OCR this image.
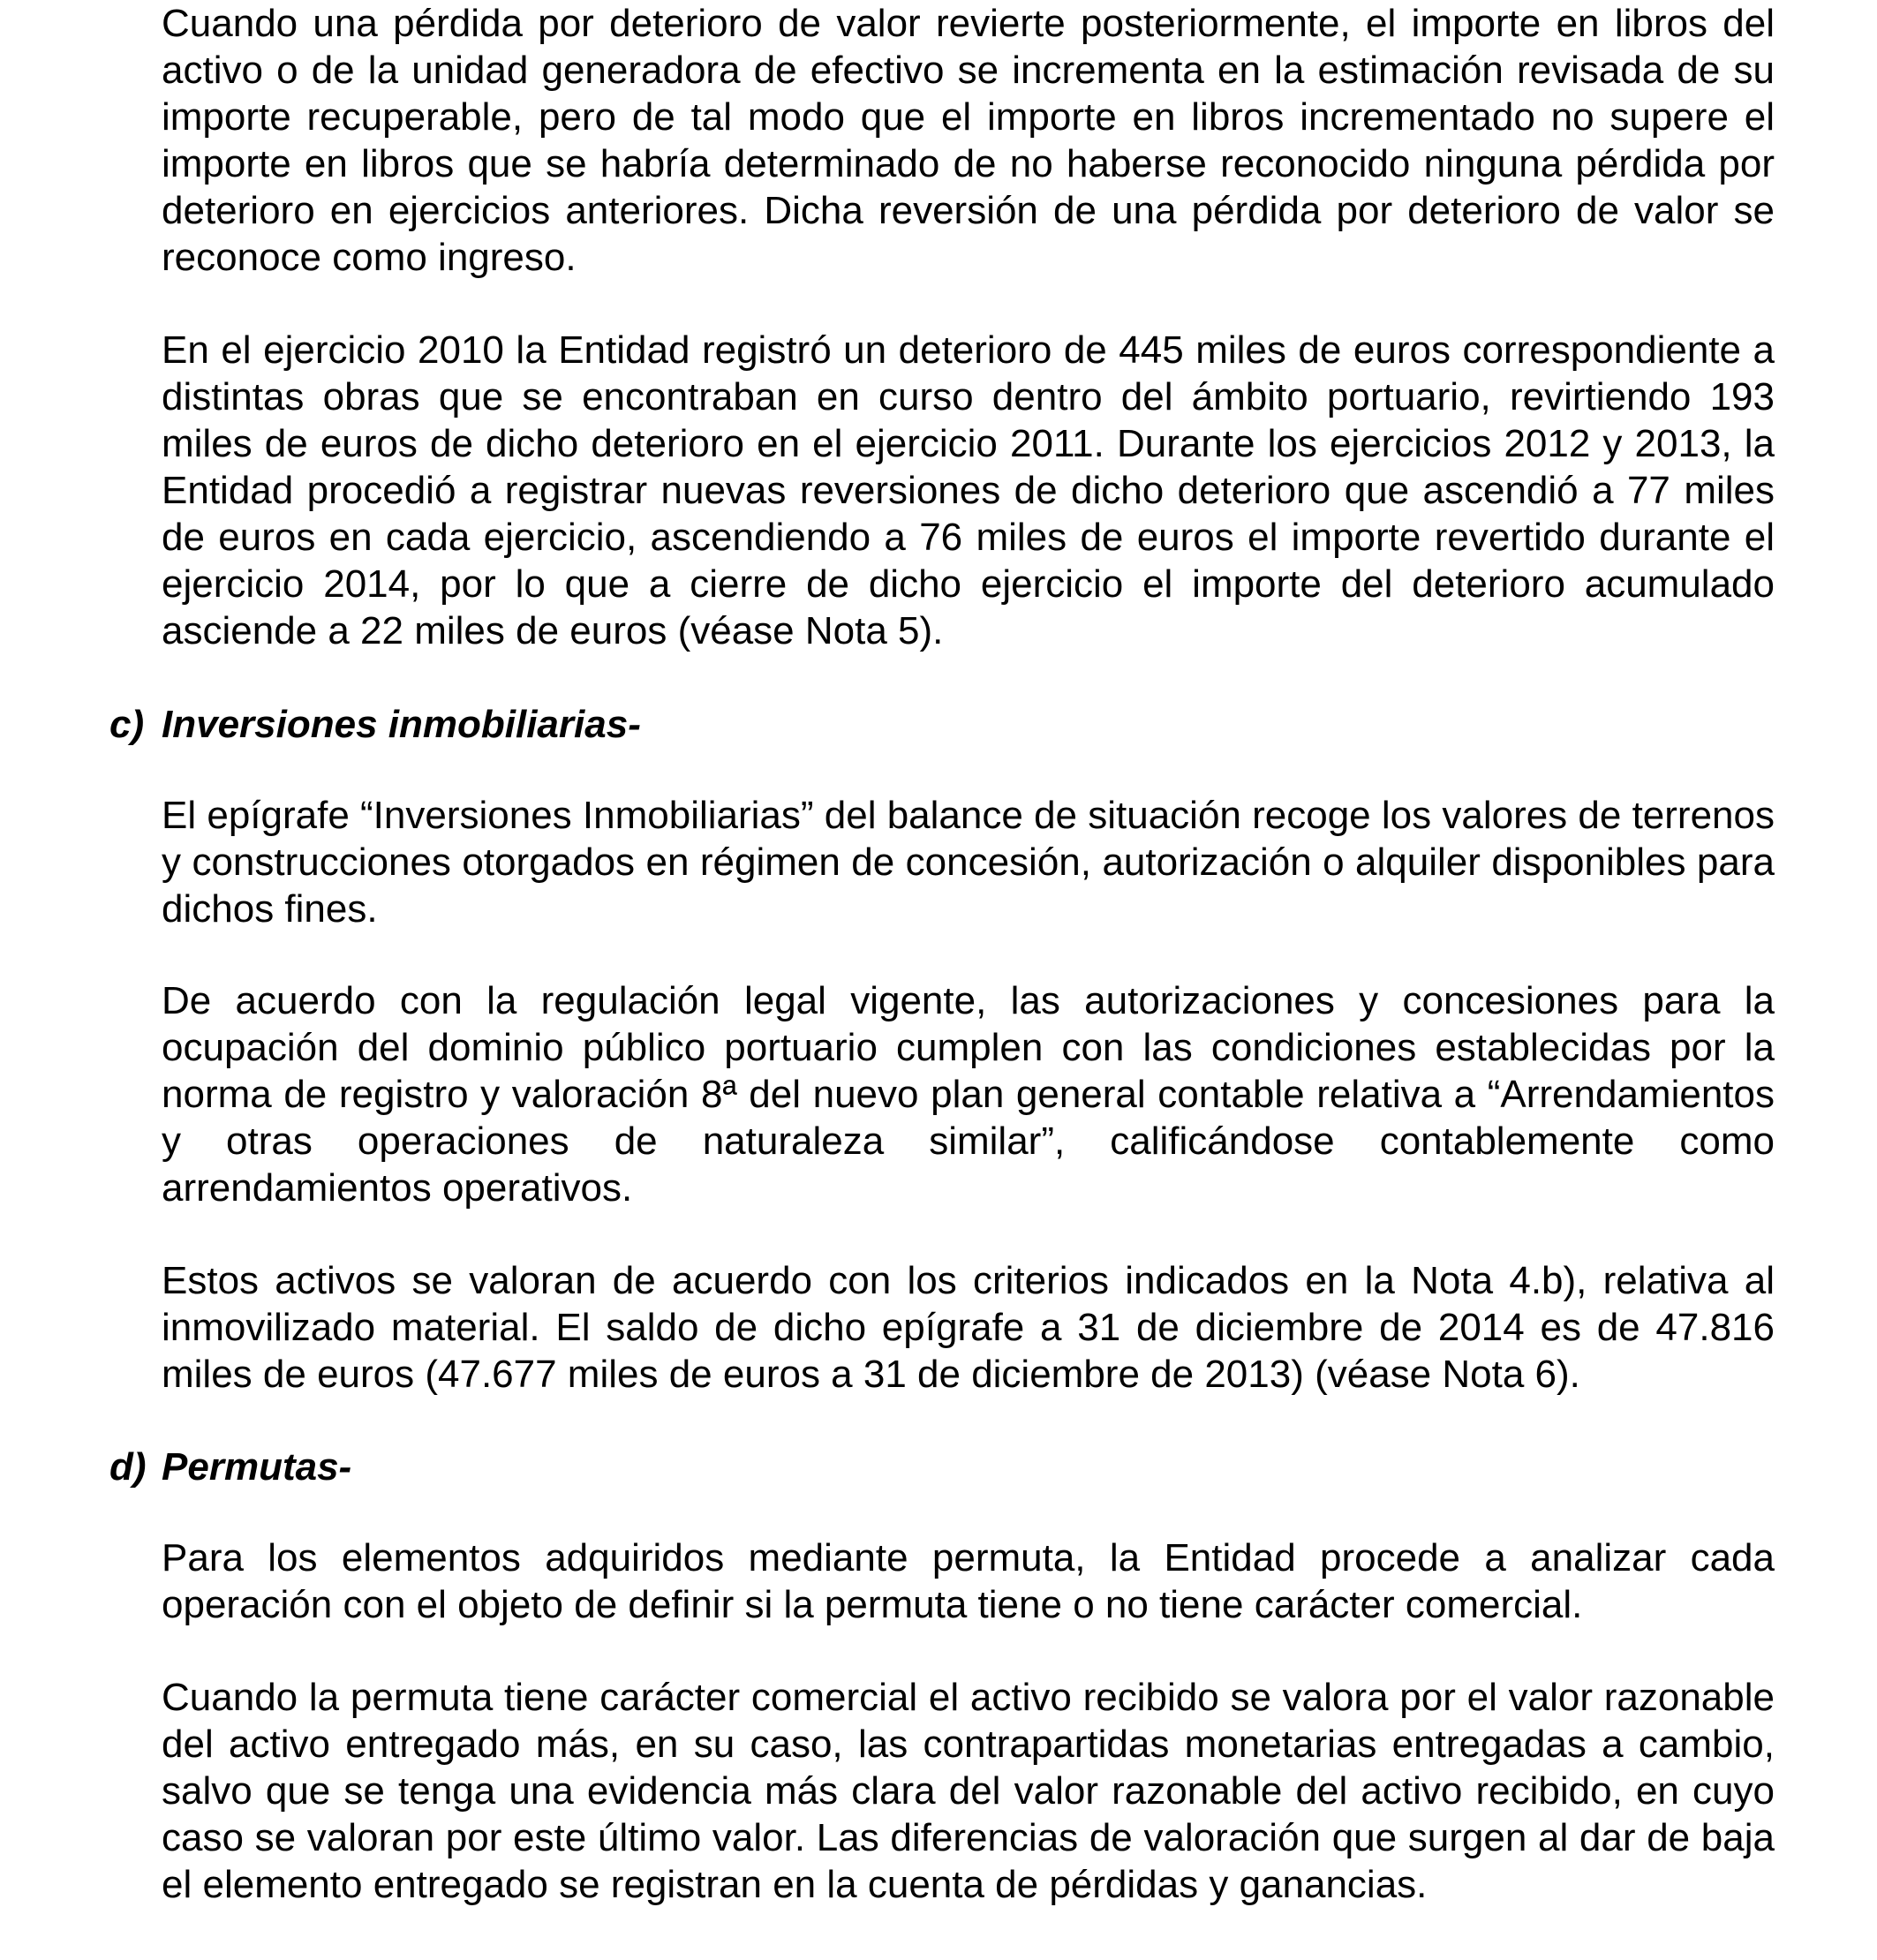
Cuando una pérdida por deterioro de valor revierte posteriormente, el importe en libros del activo o de la unidad generadora de efectivo se incrementa en la estimación revisada de su importe recuperable, pero de tal modo que el importe en libros incrementado no supere el importe en libros que se habría determinado de no haberse reconocido ninguna pérdida por deterioro en ejercicios anteriores. Dicha reversión de una pérdida por deterioro de valor se reconoce como ingreso.

En el ejercicio 2010 la Entidad registró un deterioro de 445 miles de euros correspondiente a distintas obras que se encontraban en curso dentro del ámbito portuario, revirtiendo 193 miles de euros de dicho deterioro en el ejercicio 2011. Durante los ejercicios 2012 y 2013, la Entidad procedió a registrar nuevas reversiones de dicho deterioro que ascendió a 77 miles de euros en cada ejercicio, ascendiendo a 76 miles de euros el importe revertido durante el ejercicio 2014, por lo que a cierre de dicho ejercicio el importe del deterioro acumulado asciende a 22 miles de euros (véase Nota 5).

c) Inversiones inmobiliarias-

El epígrafe “Inversiones Inmobiliarias” del balance de situación recoge los valores de terrenos y construcciones otorgados en régimen de concesión, autorización o alquiler disponibles para dichos fines.

De acuerdo con la regulación legal vigente, las autorizaciones y concesiones para la ocupación del dominio público portuario cumplen con las condiciones establecidas por la norma de registro y valoración 8ª del nuevo plan general contable relativa a “Arrendamientos y otras operaciones de naturaleza similar”, calificándose contablemente como arrendamientos operativos.

Estos activos se valoran de acuerdo con los criterios indicados en la Nota 4.b), relativa al inmovilizado material. El saldo de dicho epígrafe a 31 de diciembre de 2014 es de 47.816 miles de euros (47.677 miles de euros a 31 de diciembre de 2013) (véase Nota 6).

d) Permutas-

Para los elementos adquiridos mediante permuta, la Entidad procede a analizar cada operación con el objeto de definir si la permuta tiene o no tiene carácter comercial.

Cuando la permuta tiene carácter comercial el activo recibido se valora por el valor razonable del activo entregado más, en su caso, las contrapartidas monetarias entregadas a cambio, salvo que se tenga una evidencia más clara del valor razonable del activo recibido, en cuyo caso se valoran por este último valor. Las diferencias de valoración que surgen al dar de baja el elemento entregado se registran en la cuenta de pérdidas y ganancias.
